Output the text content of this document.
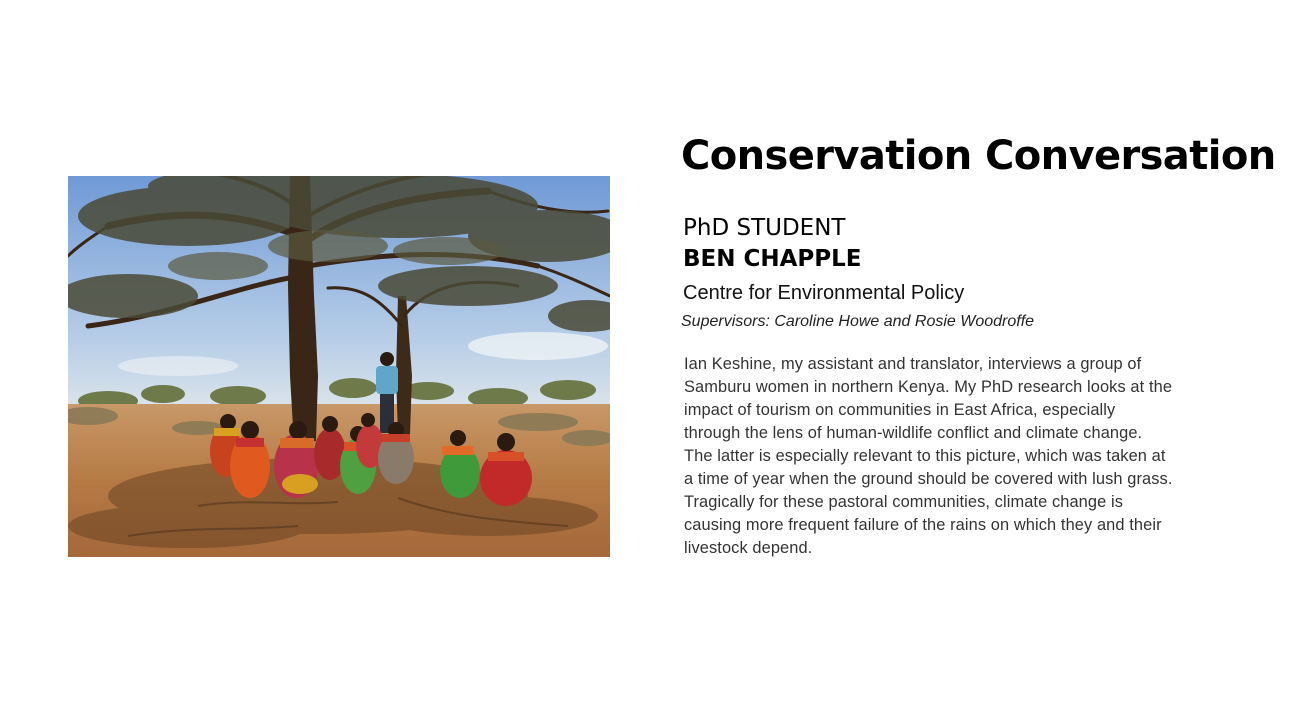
Conservation Conversation
PhD STUDENT
BEN CHAPPLE
Centre for Environmental Policy
Supervisors: Caroline Howe and Rosie Woodroffe

Ian Keshine, my assistant and translator, interviews a group of Samburu women in northern Kenya. My PhD research looks at the impact of tourism on communities in East Africa, especially through the lens of human-wildlife conflict and climate change. The latter is especially relevant to this picture, which was taken at a time of year when the ground should be covered with lush grass. Tragically for these pastoral communities, climate change is causing more frequent failure of the rains on which they and their livestock depend.
